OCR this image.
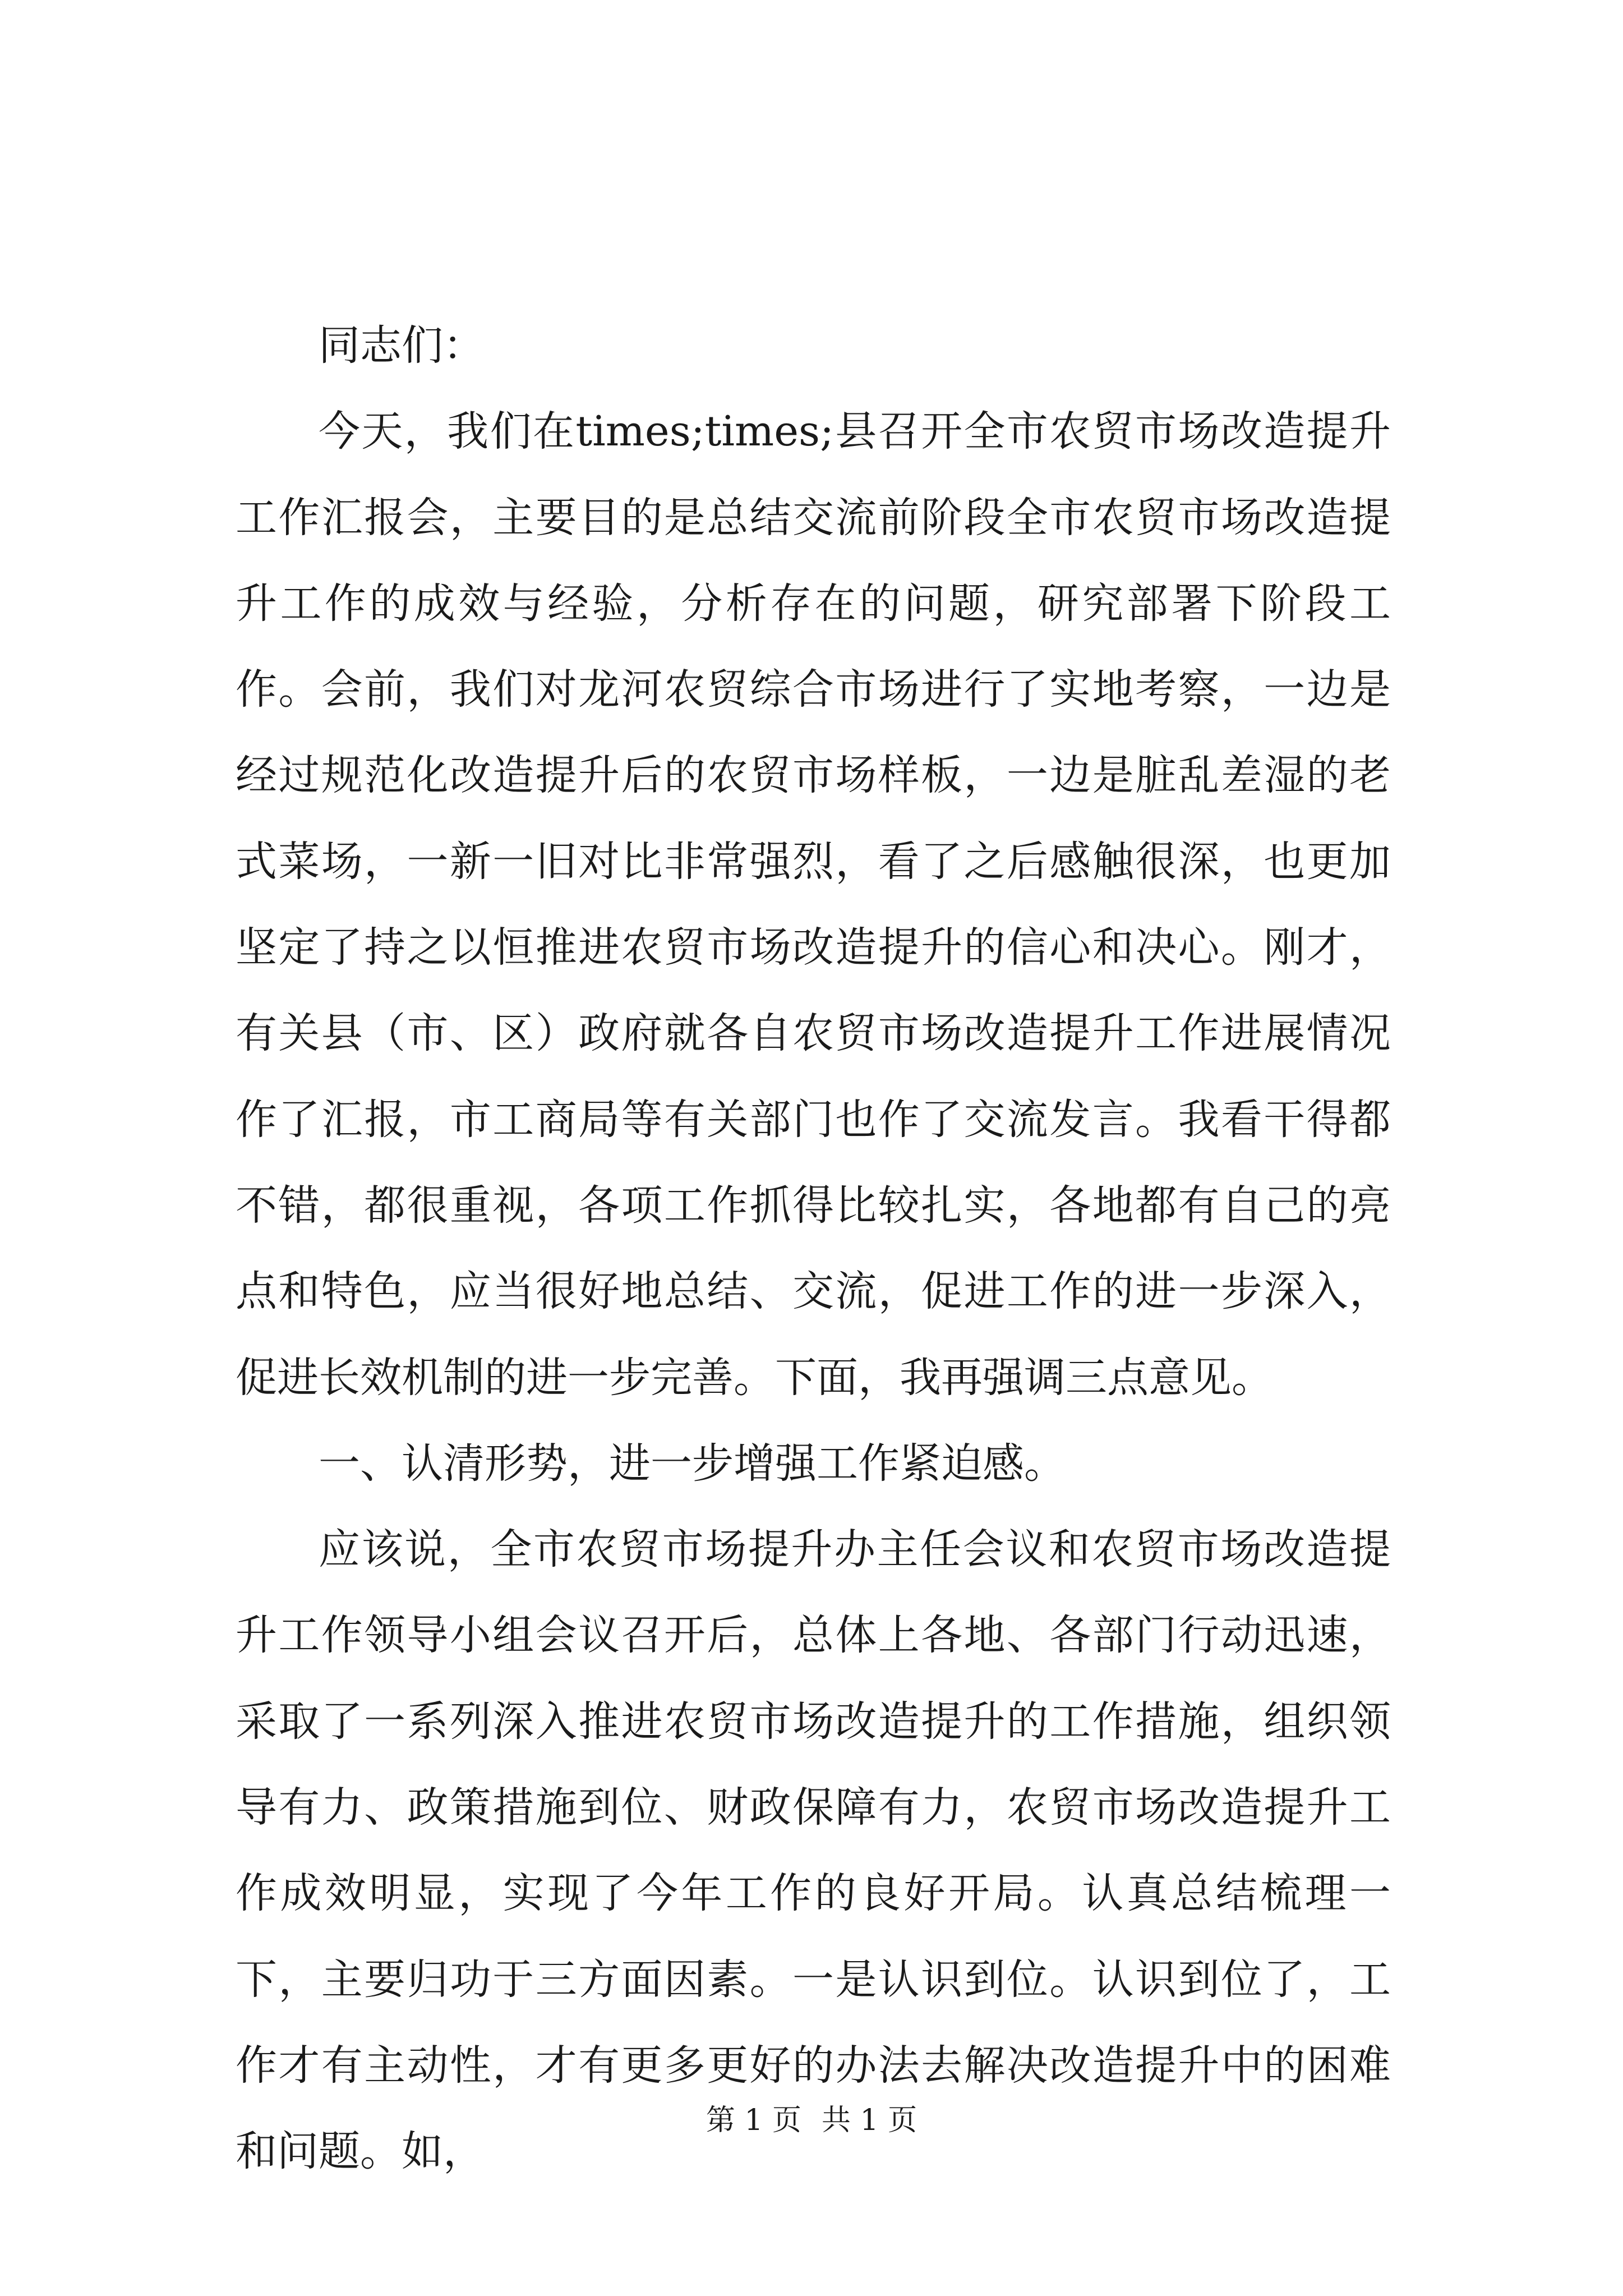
同志们：

今天，我们在times;times;县召开全市农贸市场改造提升工作汇报会，主要目的是总结交流前阶段全市农贸市场改造提升工作的成效与经验，分析存在的问题，研究部署下阶段工作。会前，我们对龙河农贸综合市场进行了实地考察，一边是经过规范化改造提升后的农贸市场样板，一边是脏乱差湿的老式菜场，一新一旧对比非常强烈，看了之后感触很深，也更加坚定了持之以恒推进农贸市场改造提升的信心和决心。刚才，有关县（市、区）政府就各自农贸市场改造提升工作进展情况作了汇报，市工商局等有关部门也作了交流发言。我看干得都不错，都很重视，各项工作抓得比较扎实，各地都有自己的亮点和特色，应当很好地总结、交流，促进工作的进一步深入，促进长效机制的进一步完善。下面，我再强调三点意见。

一、认清形势，进一步增强工作紧迫感。

应该说，全市农贸市场提升办主任会议和农贸市场改造提升工作领导小组会议召开后，总体上各地、各部门行动迅速，采取了一系列深入推进农贸市场改造提升的工作措施，组织领导有力、政策措施到位、财政保障有力，农贸市场改造提升工作成效明显，实现了今年工作的良好开局。认真总结梳理一下，主要归功于三方面因素。一是认识到位。认识到位了，工作才有主动性，才有更多更好的办法去解决改造提升中的困难和问题。如，

第 1 页 共 1 页
